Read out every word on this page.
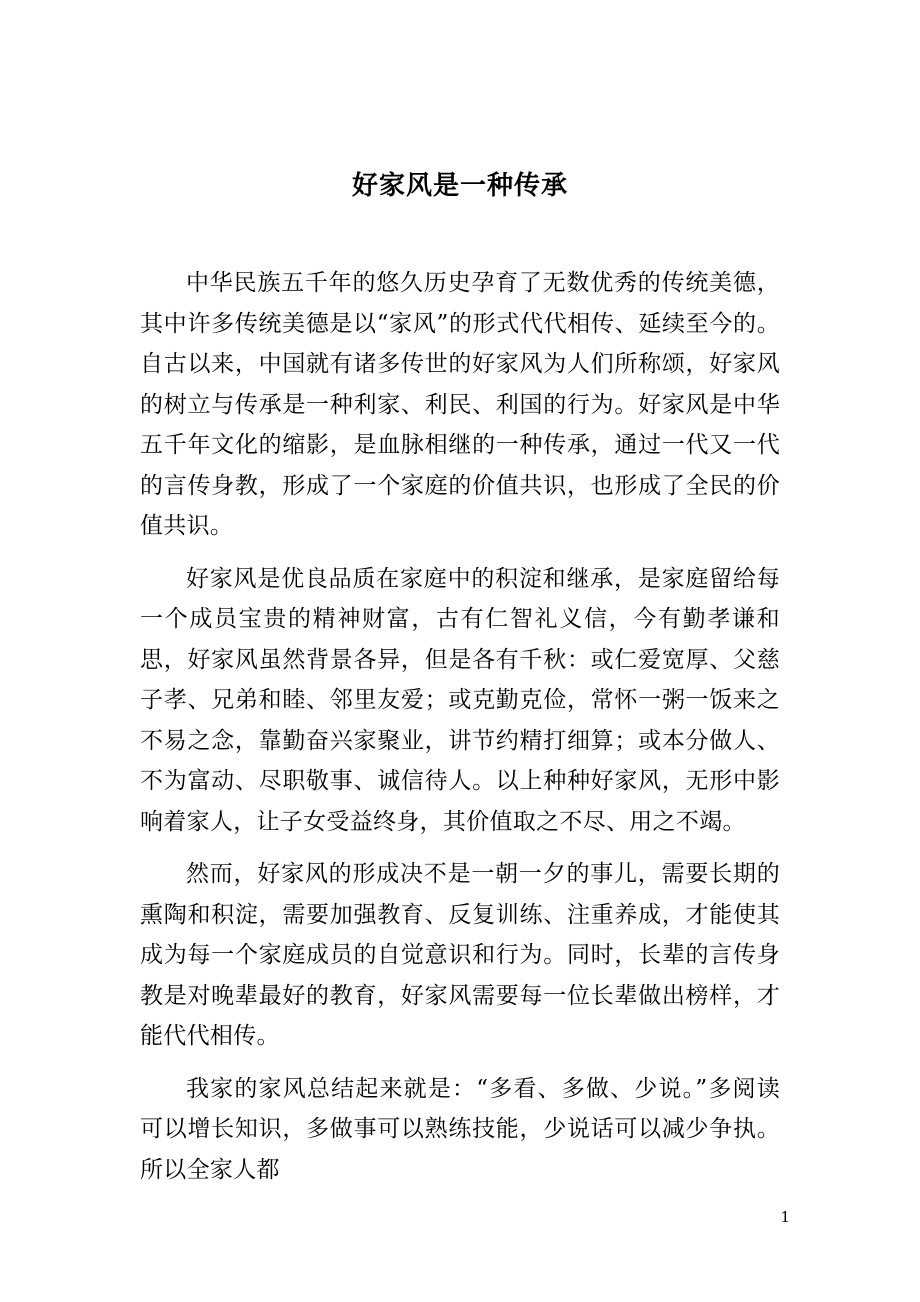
好家风是一种传承

中华民族五千年的悠久历史孕育了无数优秀的传统美德，其中许多传统美德是以“家风”的形式代代相传、延续至今的。自古以来，中国就有诸多传世的好家风为人们所称颂，好家风的树立与传承是一种利家、利民、利国的行为。好家风是中华五千年文化的缩影，是血脉相继的一种传承，通过一代又一代的言传身教，形成了一个家庭的价值共识，也形成了全民的价值共识。

好家风是优良品质在家庭中的积淀和继承，是家庭留给每一个成员宝贵的精神财富，古有仁智礼义信，今有勤孝谦和思，好家风虽然背景各异，但是各有千秋：或仁爱宽厚、父慈子孝、兄弟和睦、邻里友爱；或克勤克俭，常怀一粥一饭来之不易之念，靠勤奋兴家聚业，讲节约精打细算；或本分做人、不为富动、尽职敬事、诚信待人。以上种种好家风，无形中影响着家人，让子女受益终身，其价值取之不尽、用之不竭。

然而，好家风的形成决不是一朝一夕的事儿，需要长期的熏陶和积淀，需要加强教育、反复训练、注重养成，才能使其成为每一个家庭成员的自觉意识和行为。同时，长辈的言传身教是对晚辈最好的教育，好家风需要每一位长辈做出榜样，才能代代相传。

我家的家风总结起来就是：“多看、多做、少说。”多阅读可以增长知识，多做事可以熟练技能，少说话可以减少争执。所以全家人都

1
